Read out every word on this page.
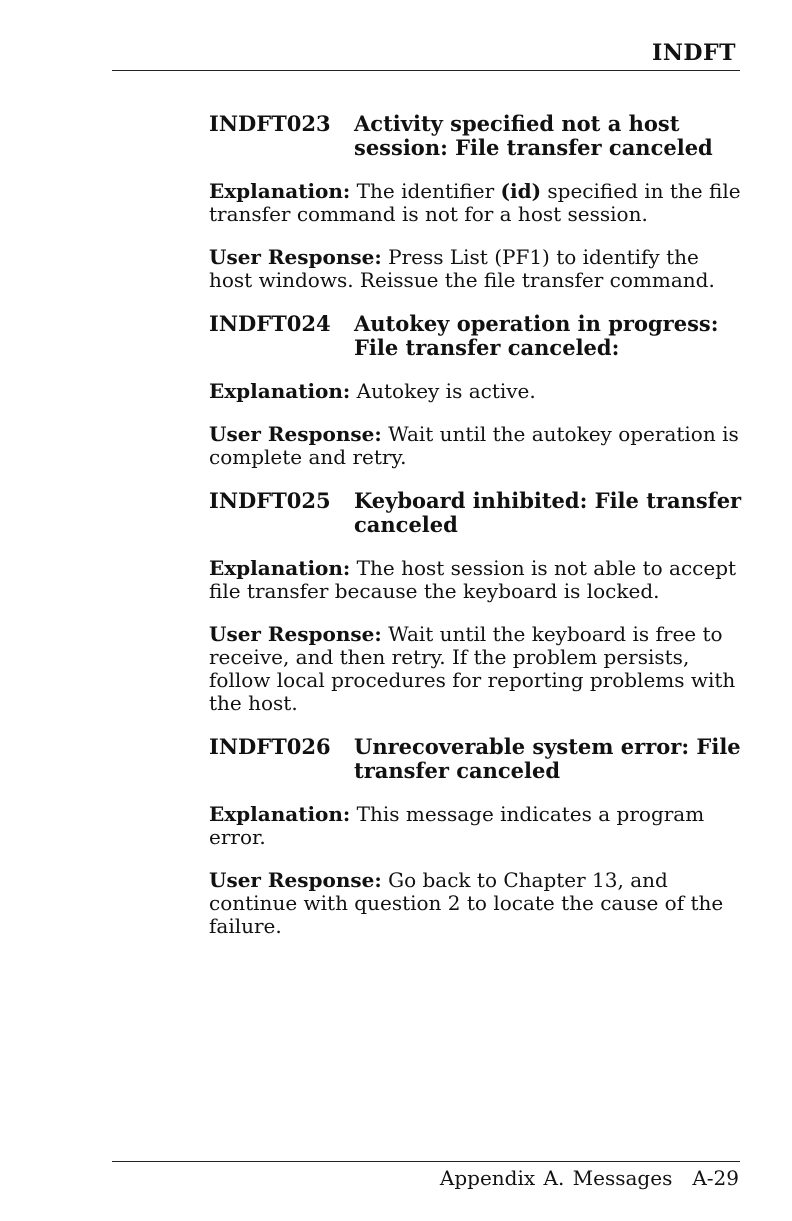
INDFT
INDFT023	Activity specified not a host session: File transfer canceled

Explanation: The identifier (id) specified in the file transfer command is not for a host session.

User Response: Press List (PF1) to identify the host windows. Reissue the file transfer command.

INDFT024	Autokey operation in progress: File transfer canceled:

Explanation: Autokey is active.

User Response: Wait until the autokey operation is complete and retry.

INDFT025	Keyboard inhibited: File transfer canceled

Explanation: The host session is not able to accept file transfer because the keyboard is locked.

User Response: Wait until the keyboard is free to receive, and then retry. If the problem persists, follow local procedures for reporting problems with the host.

INDFT026	Unrecoverable system error: File transfer canceled

Explanation: This message indicates a program error.

User Response: Go back to Chapter 13, and continue with question 2 to locate the cause of the failure.

Appendix A. Messages A-29
